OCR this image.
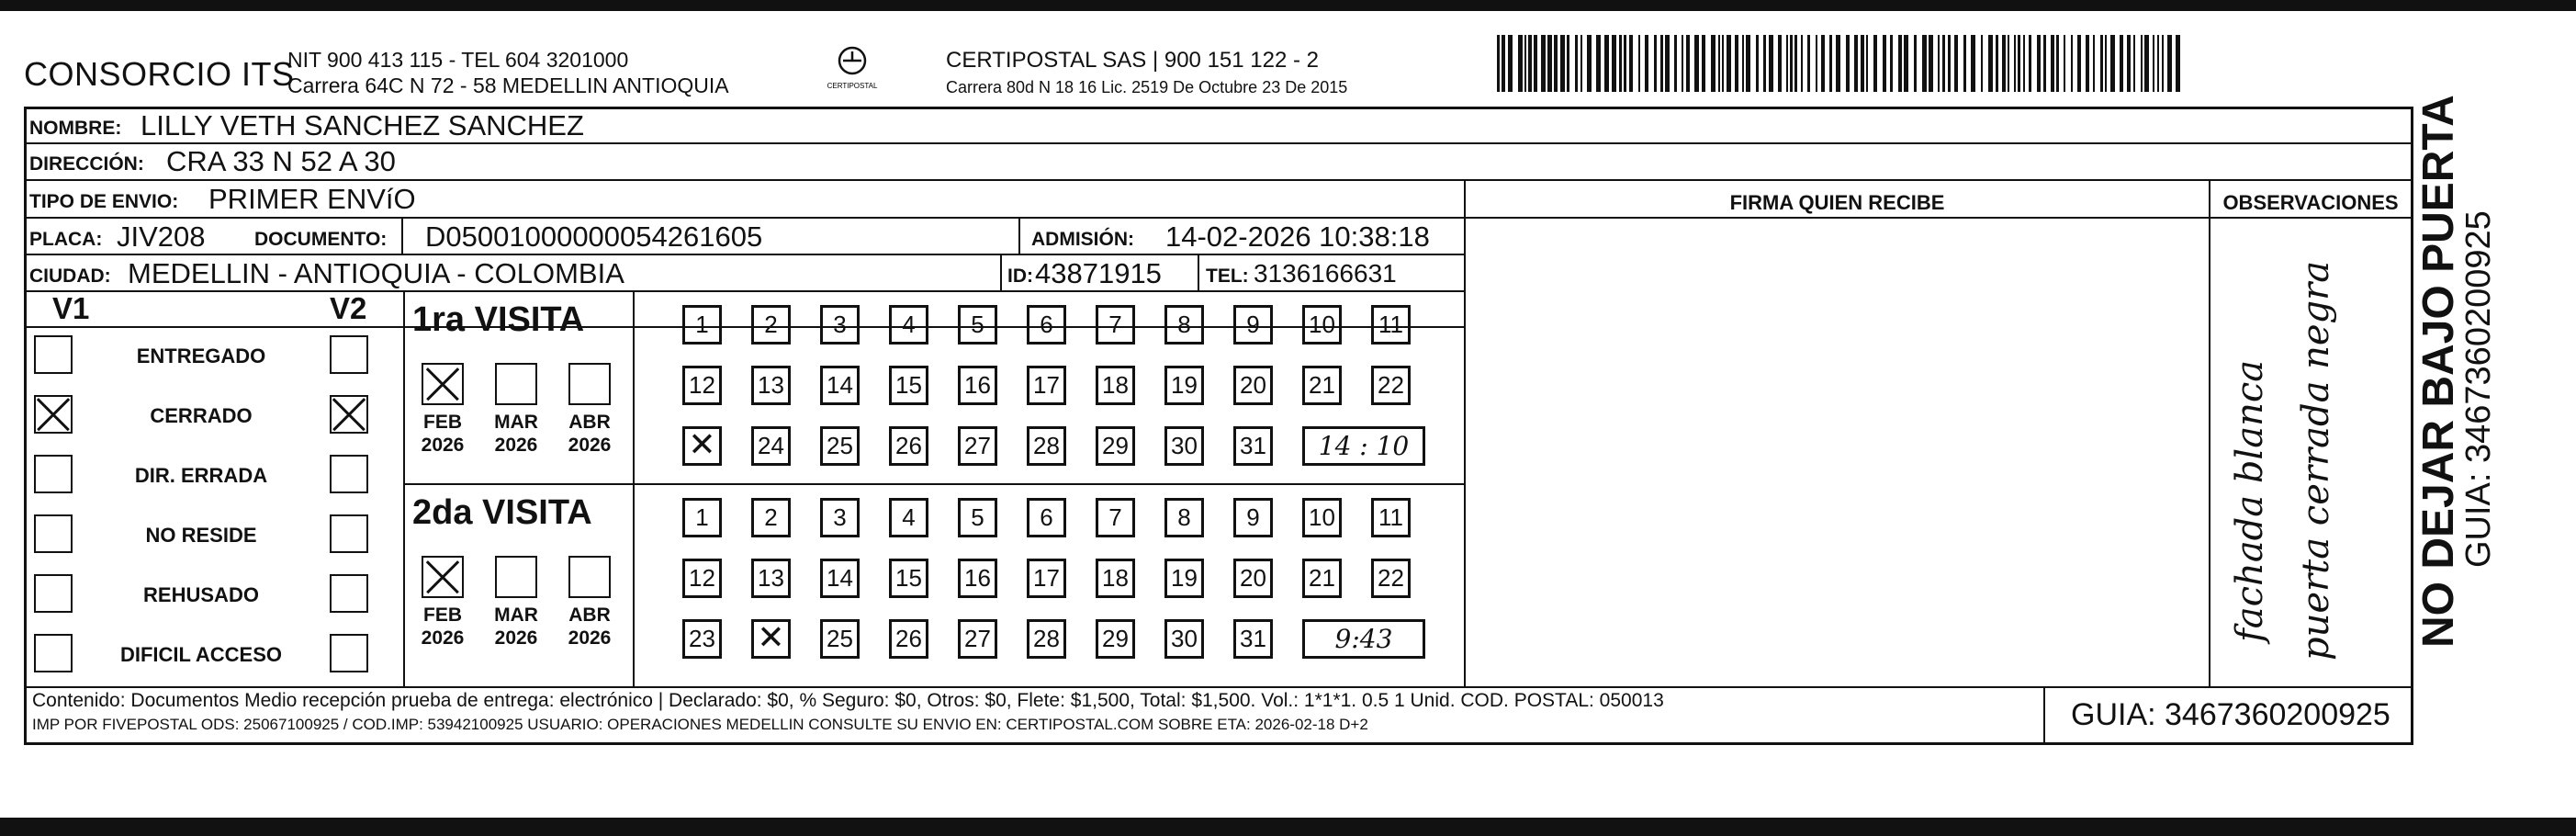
CONSORCIO ITS
NIT 900 413 115 - TEL 604 3201000
Carrera 64C N 72 - 58 MEDELLIN ANTIOQUIA	CERTIPOSTAL
CERTIPOSTAL SAS | 900 151 122 - 2
Carrera 80d N 18 16 Lic. 2519 De Octubre 23 De 2015
NOMBRE: LILLY VETH SANCHEZ SANCHEZ
DIRECCIÓN: CRA 33 N 52 A 30
TIPO DE ENVIO: PRIMER ENVíO	FIRMA QUIEN RECIBE	OBSERVACIONES
PLACA: JIV208	DOCUMENTO: D05001000000054261605	ADMISIÓN: 14-02-2026 10:38:18
CIUDAD: MEDELLIN - ANTIOQUIA - COLOMBIA	ID: 43871915 TEL: 3136166631
V1	V2
ENTREGADO
CERRADO
DIR. ERRADA
NO RESIDE
REHUSADO
DIFICIL ACCESO
1ra VISITA
FEB
2026
MAR
2026
ABR
2026
1	2	3	4	5	6	7	8	9	10	11
12 13 14 15 16 17 18 19 20 21 22
✕
24 25 26 27 28 29 30 31	14 : 10
2da VISITA
FEB
2026
MAR
2026
ABR
2026
1	2	3	4	5	6	7	8	9	10	11
12 13 14 15 16 17 18 19 20 21 22
23
✕	25 26 27 28 29 30 31	9:43	fachada blanca puerta cerrada negra
Contenido: Documentos Medio recepción prueba de entrega: electrónico | Declarado: $0, % Seguro: $0, Otros: $0, Flete: $1,500, Total: $1,500. Vol.: 1*1*1. 0.5 1 Unid. COD. POSTAL: 050013
IMP POR FIVEPOSTAL ODS: 25067100925 / COD.IMP: 53942100925 USUARIO: OPERACIONES MEDELLIN CONSULTE SU ENVIO EN: CERTIPOSTAL.COM SOBRE ETA: 2026-02-18 D+2	GUIA: 3467360200925
NO DEJAR BAJO PUERTA
GUIA: 3467360200925
